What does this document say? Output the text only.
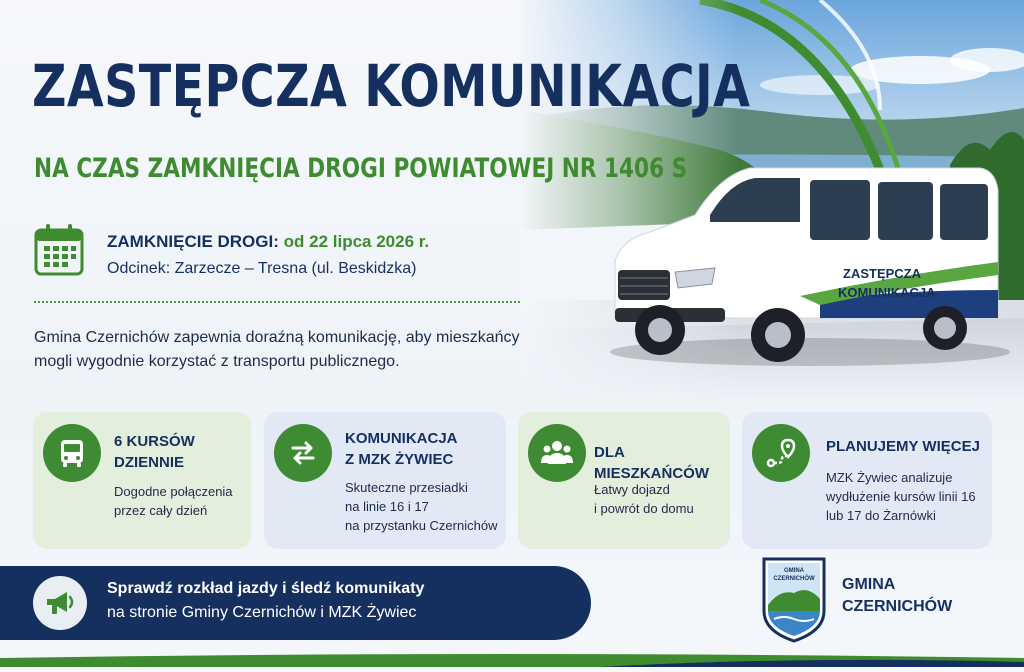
ZASTĘPCZA
KOMUNIKACJA
ZASTĘPCZA KOMUNIKACJA
NA CZAS ZAMKNIĘCIA DROGI POWIATOWEJ NR 1406 S
ZAMKNIĘCIE DROGI: od 22 lipca 2026 r.
Odcinek: Zarzecze – Tresna (ul. Beskidzka)
Gmina Czernichów zapewnia doraźną komunikację, aby mieszkańcy
mogli wygodnie korzystać z transportu publicznego.
6 KURSÓW
DZIENNIE
Dogodne połączenia
przez cały dzień
KOMUNIKACJA
Z MZK ŻYWIEC
Skuteczne przesiadki
na linie 16 i 17
na przystanku Czernichów
DLA MIESZKAŃCÓW
Łatwy dojazd
i powrót do domu
PLANUJEMY WIĘCEJ
MZK Żywiec analizuje
wydłużenie kursów linii 16
lub 17 do Żarnówki
Sprawdź rozkład jazdy i śledź komunikaty
na stronie Gminy Czernichów i MZK Żywiec
GMINA
CZERNICHÓW GMINA
CZERNICHÓW
